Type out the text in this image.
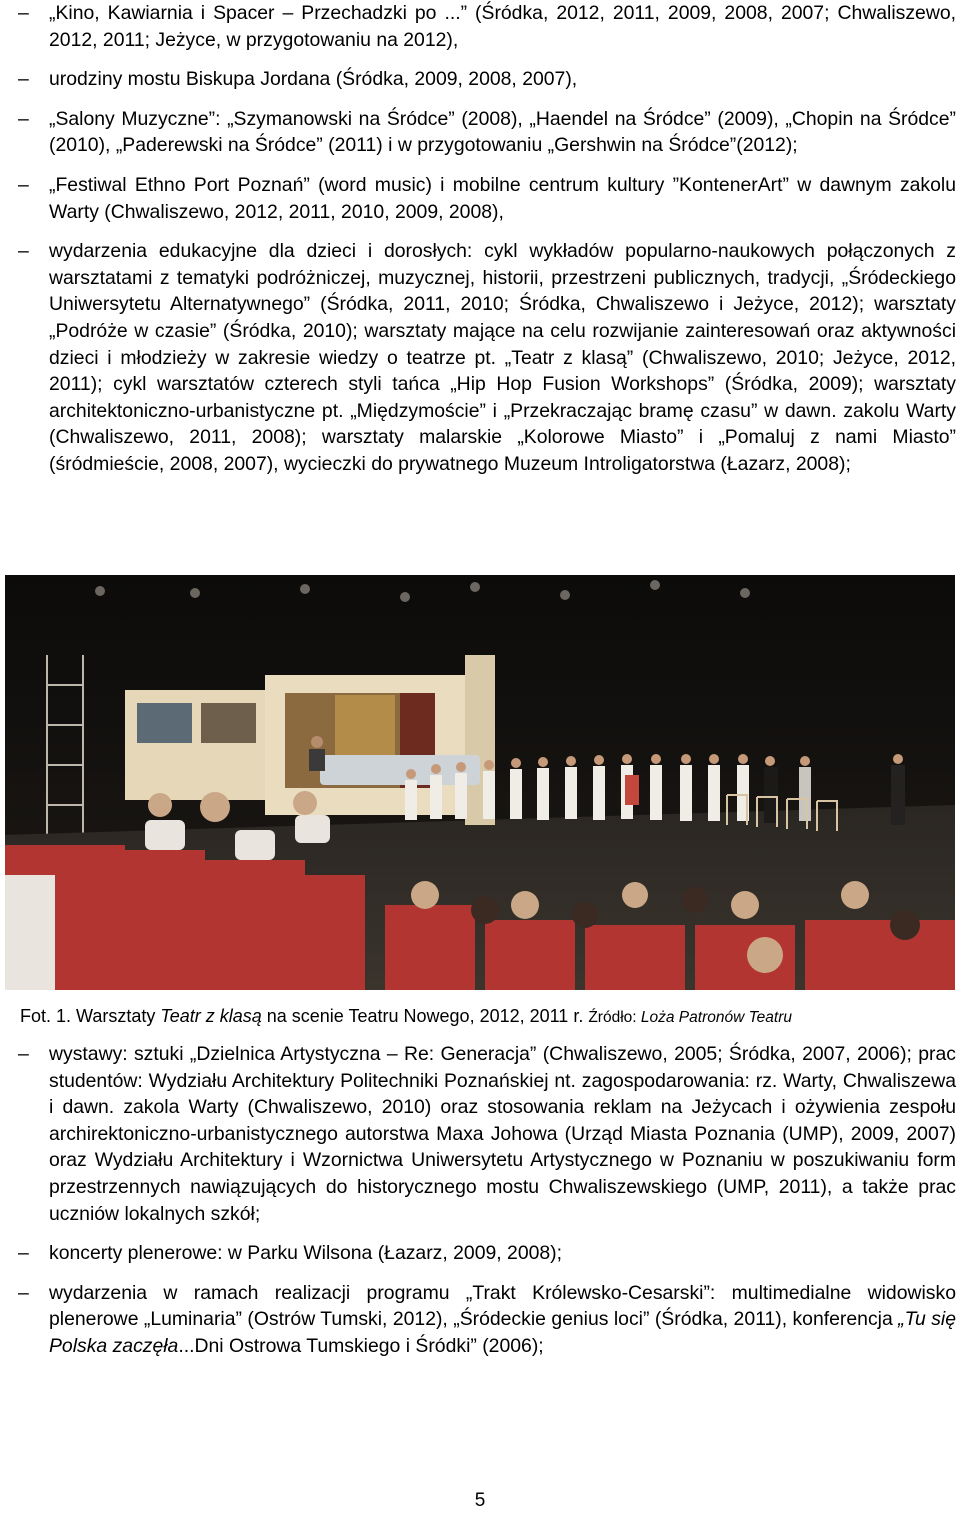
– „Kino, Kawiarnia i Spacer – Przechadzki po ...” (Śródka, 2012, 2011, 2009, 2008, 2007; Chwaliszewo, 2012, 2011; Jeżyce, w przygotowaniu na 2012),
– urodziny mostu Biskupa Jordana (Śródka, 2009, 2008, 2007),
– „Salony Muzyczne”: „Szymanowski na Śródce” (2008), „Haendel na Śródce” (2009), „Chopin na Śródce” (2010), „Paderewski na Śródce” (2011) i w przygotowaniu „Gershwin na Śródce”(2012);
– „Festiwal Ethno Port Poznań” (word music) i mobilne centrum kultury ”KontenerArt” w dawnym zakolu Warty (Chwaliszewo, 2012, 2011, 2010, 2009, 2008),
– wydarzenia edukacyjne dla dzieci i dorosłych: cykl wykładów popularno-naukowych połączonych z warsztatami z tematyki podróżniczej, muzycznej, historii, przestrzeni publicznych, tradycji, „Śródeckiego Uniwersytetu Alternatywnego” (Śródka, 2011, 2010; Śródka, Chwaliszewo i Jeżyce, 2012); warsztaty „Podróże w czasie” (Śródka, 2010); warsztaty mające na celu rozwijanie zainteresowań oraz aktywności dzieci i młodzieży w zakresie wiedzy o teatrze pt. „Teatr z klasą” (Chwaliszewo, 2010; Jeżyce, 2012, 2011); cykl warsztatów czterech styli tańca „Hip Hop Fusion Workshops” (Śródka, 2009); warsztaty architektoniczno-urbanistyczne pt. „Międzymoście” i „Przekraczając bramę czasu” w dawn. zakolu Warty (Chwaliszewo, 2011, 2008); warsztaty malarskie „Kolorowe Miasto” i „Pomaluj z nami Miasto” (śródmieście, 2008, 2007), wycieczki do prywatnego Muzeum Introligatorstwa (Łazarz, 2008);
Fot. 1. Warsztaty Teatr z klasą na scenie Teatru Nowego, 2012, 2011 r. Źródło: Loża Patronów Teatru
– wystawy: sztuki „Dzielnica Artystyczna – Re: Generacja” (Chwaliszewo, 2005; Śródka, 2007, 2006); prac studentów: Wydziału Architektury Politechniki Poznańskiej nt. zagospodarowania: rz. Warty, Chwaliszewa i dawn. zakola Warty (Chwaliszewo, 2010) oraz stosowania reklam na Jeżycach i ożywienia zespołu archirektoniczno-urbanistycznego autorstwa Maxa Johowa (Urząd Miasta Poznania (UMP), 2009, 2007) oraz Wydziału Architektury i Wzornictwa Uniwersytetu Artystycznego w Poznaniu w poszukiwaniu form przestrzennych nawiązujących do historycznego mostu Chwaliszewskiego (UMP, 2011), a także prac uczniów lokalnych szkół;
– koncerty plenerowe: w Parku Wilsona (Łazarz, 2009, 2008);
– wydarzenia w ramach realizacji programu „Trakt Królewsko-Cesarski”: multimedialne widowisko plenerowe „Luminaria” (Ostrów Tumski, 2012), „Śródeckie genius loci” (Śródka, 2011), konferencja „Tu się Polska zaczęła...Dni Ostrowa Tumskiego i Śródki” (2006);
5
